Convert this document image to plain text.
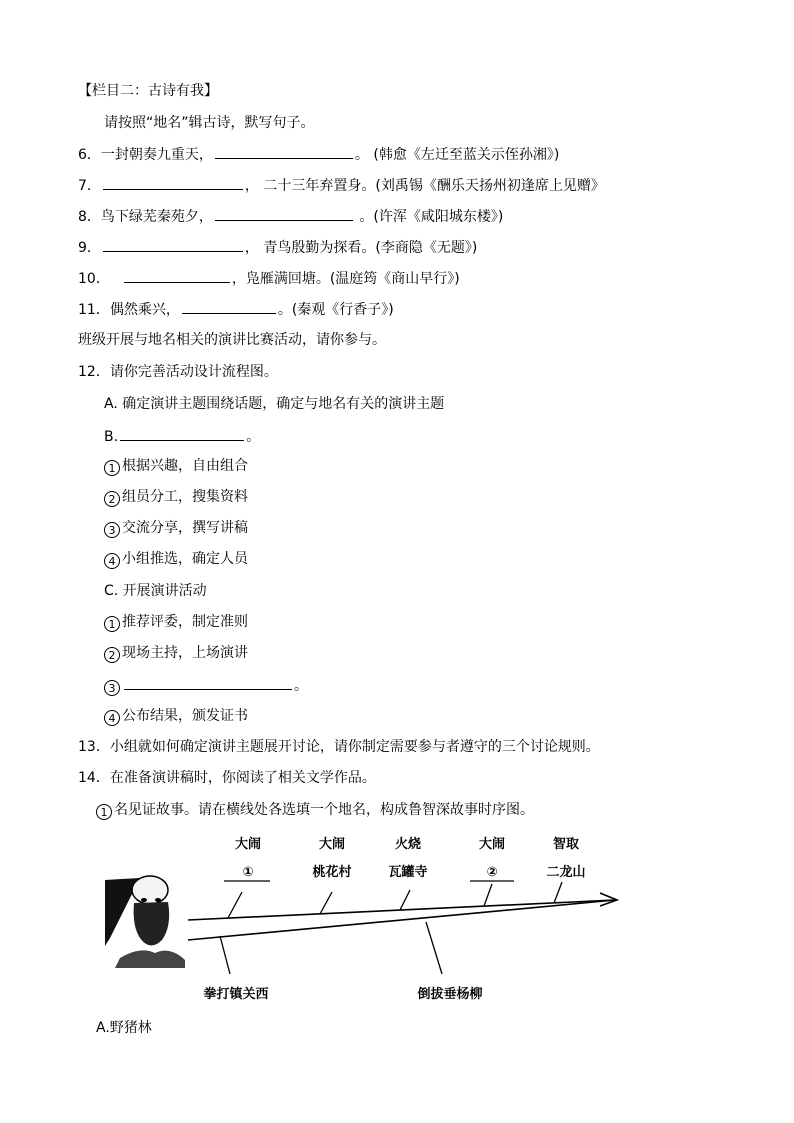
【栏目二：古诗有我】
请按照“地名”辑古诗，默写句子。
6．一封朝奏九重天，	。 (韩愈《左迁至蓝关示侄孙湘》)
7．	， 二十三年弃置身。(刘禹锡《酬乐天扬州初逢席上见赠》
8．鸟下绿芜秦苑夕，	。(许浑《咸阳城东楼》)
9．	， 青鸟殷勤为探看。(李商隐《无题》)
10．	，凫雁满回塘。(温庭筠《商山早行》)
11．偶然乘兴，	。(秦观《行香子》)
班级开展与地名相关的演讲比赛活动，请你参与。
12．请你完善活动设计流程图。
A. 确定演讲主题围绕话题，确定与地名有关的演讲主题
B.	。
1 根据兴趣，自由组合
2 组员分工，搜集资料
3 交流分享，撰写讲稿
4 小组推选，确定人员
C. 开展演讲活动
1 推荐评委，制定准则
2 现场主持，上场演讲
3	。
4 公布结果，颁发证书
13．小组就如何确定演讲主题展开讨论，请你制定需要参与者遵守的三个讨论规则。
14．在准备演讲稿时，你阅读了相关文学作品。
1 名见证故事。请在横线处各选填一个地名，构成鲁智深故事时序图。
大闹
①
大闹
桃花村
火烧
瓦罐寺
大闹
②
智取
二龙山
拳打镇关西	倒拔垂杨柳
A.野猪林
